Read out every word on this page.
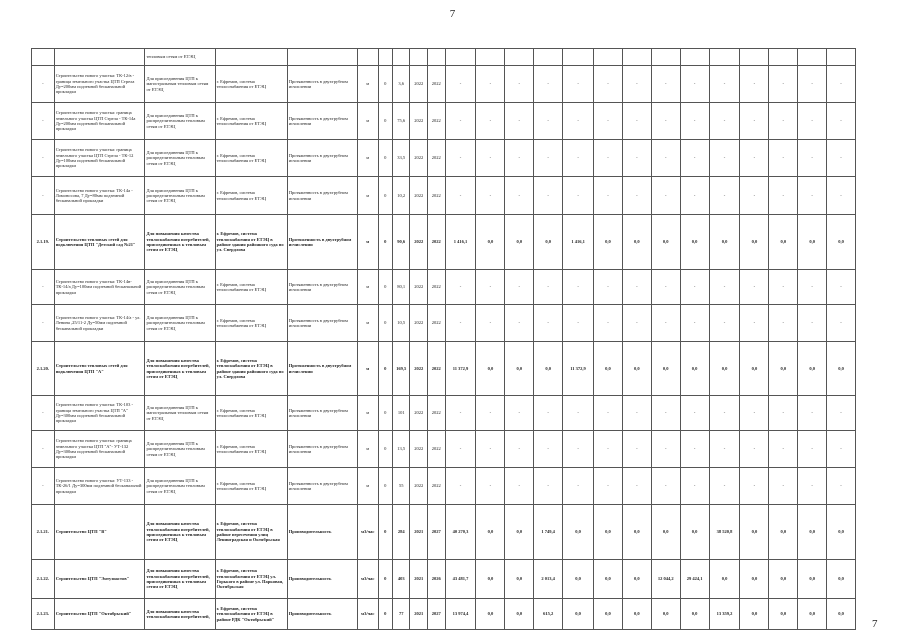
7
		тепловым сетям от ЕТЭЦ																					
-	Строительство нового участка: ТК-12/в - граница земельного участка ЦТП Стрела Ду=200мм подземной бесканальной прокладки	Для присоединения ЦТП к магистральным тепловым сетям от ЕТЭЦ	г. Ефремов, система теплоснабжения от ЕТЭЦ	Протяженность в двухтрубном исчислении	м	0	3,6	2022	2022	-	-	-	-	-	-	-	-	-	-	-	-	-	-
-	Строительство нового участка: граница земельного участка ЦТП Стрела - ТК-14а Ду=200мм подземной бесканальной прокладки	Для присоединения ЦТП к распределительным тепловым сетям от ЕТЭЦ	г. Ефремов, система теплоснабжения от ЕТЭЦ	Протяженность в двухтрубном исчислении	м	0	75,6	2022	2022	-	-	-	-	-	-	-	-	-	-	-	-	-	-
-	Строительство нового участка: граница земельного участка ЦТП Стрела - ТК-12 Ду=100мм подземной бесканальной прокладки	Для присоединения ЦТП к распределительным тепловым сетям от ЕТЭЦ	г. Ефремов, система теплоснабжения от ЕТЭЦ	Протяженность в двухтрубном исчислении	м	0	33,5	2022	2022	-	-	-	-	-	-	-	-	-	-	-	-	-	-
-	Строительство нового участка: ТК-14а - Ломоносова, 7 Ду=80мм подземной бесканальной прокладки	Для присоединения ЦТП к распределительным тепловым сетям от ЕТЭЦ	г. Ефремов, система теплоснабжения от ЕТЭЦ	Протяженность в двухтрубном исчислении	м	0	10,2	2022	2022	-	-	-	-	-	-	-	-	-	-	-	-	-	-
2.1.19.	Строительство тепловых сетей для подключения ЦТП "Детский сад №21"	Для повышения качества теплоснабжения потребителей, присоединенных к тепловым сетям от ЕТЭЦ	г. Ефремов, система теплоснабжения от ЕТЭЦ в районе здания районного суда по ул. Свердлова	Протяженность в двухтрубном исчислении	м	0	90,6	2022	2022	1 416,1	0,0	0,0	0,0	1 416,1	0,0	0,0	0,0	0,0	0,0	0,0	0,0	0,0	0,0
-	Строительство нового участка: ТК-14в- ТК-14/а Ду=100мм подземной бесканальной прокладки	Для присоединения ЦТП к распределительным тепловым сетям от ЕТЭЦ	г. Ефремов, система теплоснабжения от ЕТЭЦ	Протяженность в двухтрубном исчислении	м	0	80,1	2022	2022	-	-	-	-	-	-	-	-	-	-	-	-	-	-
-	Строительство нового участка: ТК-14/а - ул. Ленина ,25/11-2 Ду=50мм подземной бесканальной прокладки	Для присоединения ЦТП к распределительным тепловым сетям от ЕТЭЦ	г. Ефремов, система теплоснабжения от ЕТЭЦ	Протяженность в двухтрубном исчислении	м	0	10,5	2022	2022	-	-	-	-	-	-	-	-	-	-	-	-	-	-
2.1.20.	Строительство тепловых сетей для подключения ЦТП "А"	Для повышения качества теплоснабжения потребителей, присоединенных к тепловым сетям от ЕТЭЦ	г. Ефремов, система теплоснабжения от ЕТЭЦ в районе здания районного суда по ул. Свердлова	Протяженность в двухтрубном исчислении	м	0	169,5	2022	2022	11 372,9	0,0	0,0	0,0	11 372,9	0,0	0,0	0,0	0,0	0,0	0,0	0,0	0,0	0,0
-	Строительство нового участка: ТК-103 - граница земельного участка ЦТП "А" Ду=300мм подземной бесканальной прокладки	Для присоединения ЦТП к магистральным тепловым сетям от ЕТЭЦ	г. Ефремов, система теплоснабжения от ЕТЭЦ	Протяженность в двухтрубном исчислении	м	0	101	2022	2022	-	-	-	-	-	-	-	-	-	-	-	-	-	-
-	Строительство нового участка: граница земельного участка ЦТП "А"- УТ-132 Ду=300мм подземной бесканальной прокладки	Для присоединения ЦТП к распределительным тепловым сетям от ЕТЭЦ	г. Ефремов, система теплоснабжения от ЕТЭЦ	Протяженность в двухтрубном исчислении	м	0	13,5	2022	2022	-	-	-	-	-	-	-	-	-	-	-	-	-	-
-	Строительство нового участка: УТ-133 - ТК-26/1 Ду=300мм подземной бесканальной прокладки	Для присоединения ЦТП к распределительным тепловым сетям от ЕТЭЦ	г. Ефремов, система теплоснабжения от ЕТЭЦ	Протяженность в двухтрубном исчислении	м	0	55	2022	2022	-	-	-	-	-	-	-	-	-	-	-	-	-	-
2.1.21.	Строительство ЦТП "В"	Для повышения качества теплоснабжения потребителей, присоединенных к тепловым сетям от ЕТЭЦ	г. Ефремов, система теплоснабжения от ЕТЭЦ в районе пересечения улиц Ленинградская и Октябрьская	Производительность	м3/час	0	284	2021	2027	40 270,3	0,0	0,0	1 749,4	0,0	0,0	0,0	0,0	0,0	38 520,8	0,0	0,0	0,0	0,0
2.1.22.	Строительство ЦТП "Энтузиастов"	Для повышения качества теплоснабжения потребителей, присоединенных к тепловым сетям от ЕТЭЦ	г. Ефремов, система теплоснабжения от ЕТЭЦ ул. Горького в районе ул. Парковая, Октябрьская	Производительность	м3/час	0	403	2021	2026	43 481,7	0,0	0,0	2 013,4	0,0	0,0	0,0	12 044,2	29 424,1	0,0	0,0	0,0	0,0	0,0
2.1.23.	Строительство ЦТП "Октябрьский"	Для повышения качества теплоснабжения потребителей,	г. Ефремов, система теплоснабжения от ЕТЭЦ в районе РДК "Октябрьский"	Производительность	м3/час	0	77	2021	2027	13 974,4	0,0	0,0	615,2	0,0	0,0	0,0	0,0	0,0	13 359,2	0,0	0,0	0,0	0,0
7
